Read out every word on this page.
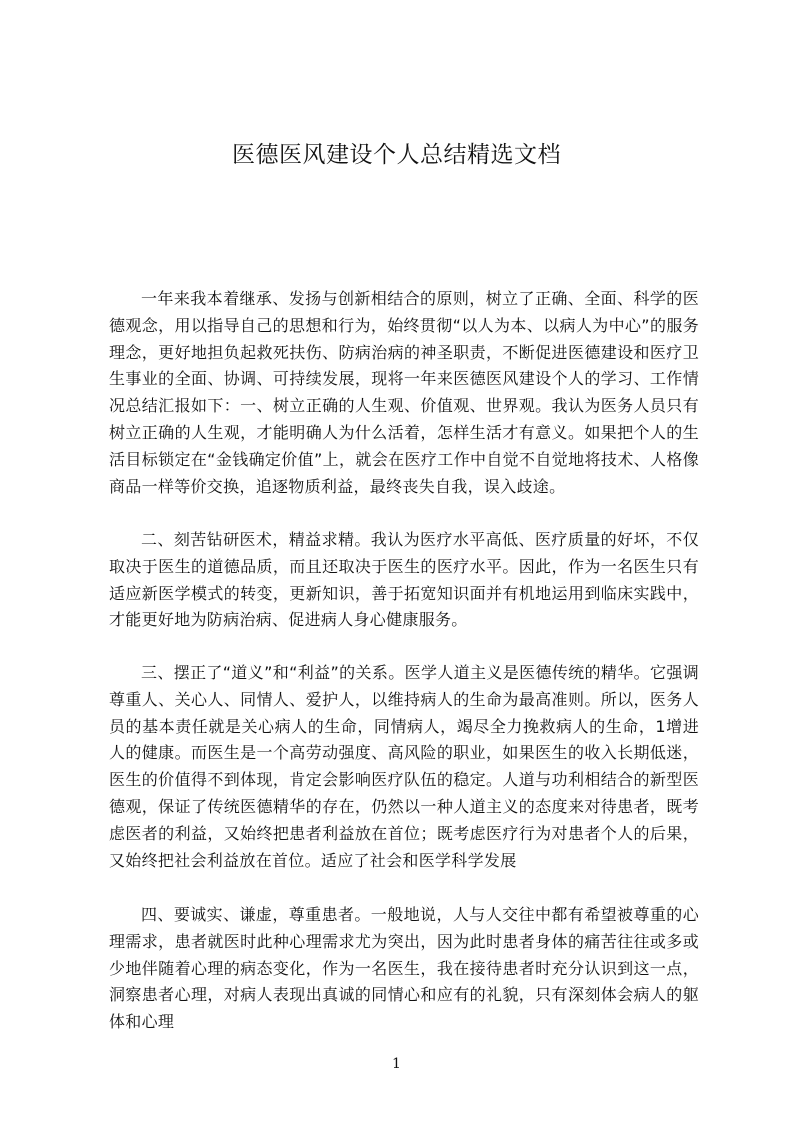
医德医风建设个人总结精选文档

一年来我本着继承、发扬与创新相结合的原则，树立了正确、全面、科学的医德观念，用以指导自己的思想和行为，始终贯彻“以人为本、以病人为中心”的服务理念，更好地担负起救死扶伤、防病治病的神圣职责，不断促进医德建设和医疗卫生事业的全面、协调、可持续发展，现将一年来医德医风建设个人的学习、工作情况总结汇报如下：一、树立正确的人生观、价值观、世界观。我认为医务人员只有树立正确的人生观，才能明确人为什么活着，怎样生活才有意义。如果把个人的生活目标锁定在“金钱确定价值”上，就会在医疗工作中自觉不自觉地将技术、人格像商品一样等价交换，追逐物质利益，最终丧失自我，误入歧途。

二、刻苦钻研医术，精益求精。我认为医疗水平高低、医疗质量的好坏，不仅取决于医生的道德品质，而且还取决于医生的医疗水平。因此，作为一名医生只有适应新医学模式的转变，更新知识，善于拓宽知识面并有机地运用到临床实践中，才能更好地为防病治病、促进病人身心健康服务。

三、摆正了“道义”和“利益”的关系。医学人道主义是医德传统的精华。它强调尊重人、关心人、同情人、爱护人，以维持病人的生命为最高准则。所以，医务人员的基本责任就是关心病人的生命，同情病人，竭尽全力挽救病人的生命，1增进人的健康。而医生是一个高劳动强度、高风险的职业，如果医生的收入长期低迷，医生的价值得不到体现，肯定会影响医疗队伍的稳定。人道与功利相结合的新型医德观，保证了传统医德精华的存在，仍然以一种人道主义的态度来对待患者，既考虑医者的利益，又始终把患者利益放在首位；既考虑医疗行为对患者个人的后果，又始终把社会利益放在首位。适应了社会和医学科学发展

四、要诚实、谦虚，尊重患者。一般地说，人与人交往中都有希望被尊重的心理需求，患者就医时此种心理需求尤为突出，因为此时患者身体的痛苦往往或多或少地伴随着心理的病态变化，作为一名医生，我在接待患者时充分认识到这一点，洞察患者心理，对病人表现出真诚的同情心和应有的礼貌，只有深刻体会病人的躯体和心理

1
